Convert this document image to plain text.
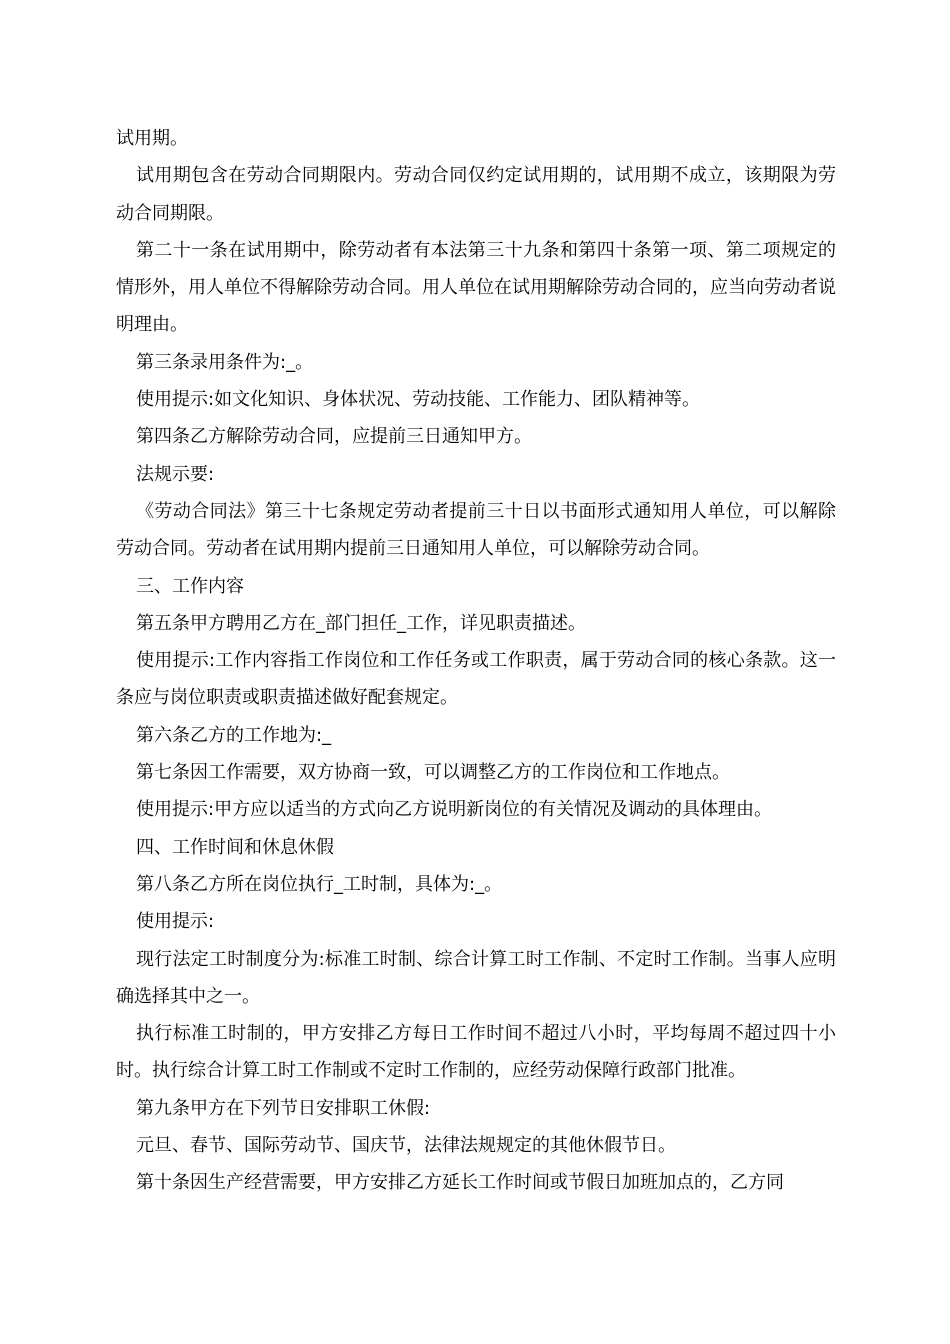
试用期。

试用期包含在劳动合同期限内。劳动合同仅约定试用期的，试用期不成立，该期限为劳动合同期限。

第二十一条在试用期中，除劳动者有本法第三十九条和第四十条第一项、第二项规定的情形外，用人单位不得解除劳动合同。用人单位在试用期解除劳动合同的，应当向劳动者说明理由。

第三条录用条件为:_。

使用提示:如文化知识、身体状况、劳动技能、工作能力、团队精神等。

第四条乙方解除劳动合同，应提前三日通知甲方。

法规示要:

《劳动合同法》第三十七条规定劳动者提前三十日以书面形式通知用人单位，可以解除劳动合同。劳动者在试用期内提前三日通知用人单位，可以解除劳动合同。

三、工作内容

第五条甲方聘用乙方在_部门担任_工作，详见职责描述。

使用提示:工作内容指工作岗位和工作任务或工作职责，属于劳动合同的核心条款。这一条应与岗位职责或职责描述做好配套规定。

第六条乙方的工作地为:_

第七条因工作需要，双方协商一致，可以调整乙方的工作岗位和工作地点。

使用提示:甲方应以适当的方式向乙方说明新岗位的有关情况及调动的具体理由。

四、工作时间和休息休假

第八条乙方所在岗位执行_工时制，具体为:_。

使用提示:

现行法定工时制度分为:标准工时制、综合计算工时工作制、不定时工作制。当事人应明确选择其中之一。

执行标准工时制的，甲方安排乙方每日工作时间不超过八小时，平均每周不超过四十小时。执行综合计算工时工作制或不定时工作制的，应经劳动保障行政部门批准。

第九条甲方在下列节日安排职工休假:

元旦、春节、国际劳动节、国庆节，法律法规规定的其他休假节日。

第十条因生产经营需要，甲方安排乙方延长工作时间或节假日加班加点的，乙方同
